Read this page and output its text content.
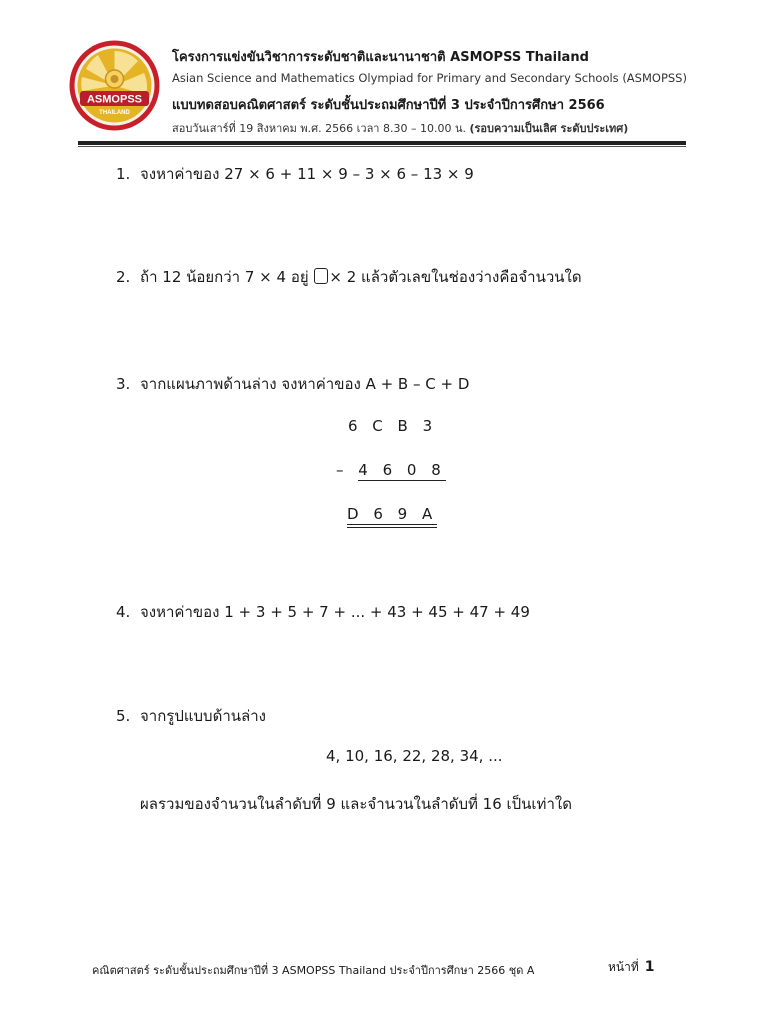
ASMOPSS
THAILAND
โครงการแข่งขันวิชาการระดับชาติและนานาชาติ ASMOPSS Thailand
Asian Science and Mathematics Olympiad for Primary and Secondary Schools (ASMOPSS)
แบบทดสอบคณิตศาสตร์ ระดับชั้นประถมศึกษาปีที่ 3 ประจำปีการศึกษา 2566
สอบวันเสาร์ที่ 19 สิงหาคม พ.ศ. 2566 เวลา 8.30 – 10.00 น. (รอบความเป็นเลิศ ระดับประเทศ)
1. จงหาค่าของ 27 × 6 + 11 × 9 – 3 × 6 – 13 × 9
2. ถ้า 12 น้อยกว่า 7 × 4 อยู่ × 2 แล้วตัวเลขในช่องว่างคือจำนวนใด
3. จากแผนภาพด้านล่าง จงหาค่าของ A + B – C + D
6 C B 3
– 4 6 0 8
D 6 9 A
4. จงหาค่าของ 1 + 3 + 5 + 7 + ... + 43 + 45 + 47 + 49
5. จากรูปแบบด้านล่าง
4, 10, 16, 22, 28, 34, ...
ผลรวมของจำนวนในลำดับที่ 9 และจำนวนในลำดับที่ 16 เป็นเท่าใด
คณิตศาสตร์ ระดับชั้นประถมศึกษาปีที่ 3 ASMOPSS Thailand ประจำปีการศึกษา 2566 ชุด A	หน้าที่ 1
